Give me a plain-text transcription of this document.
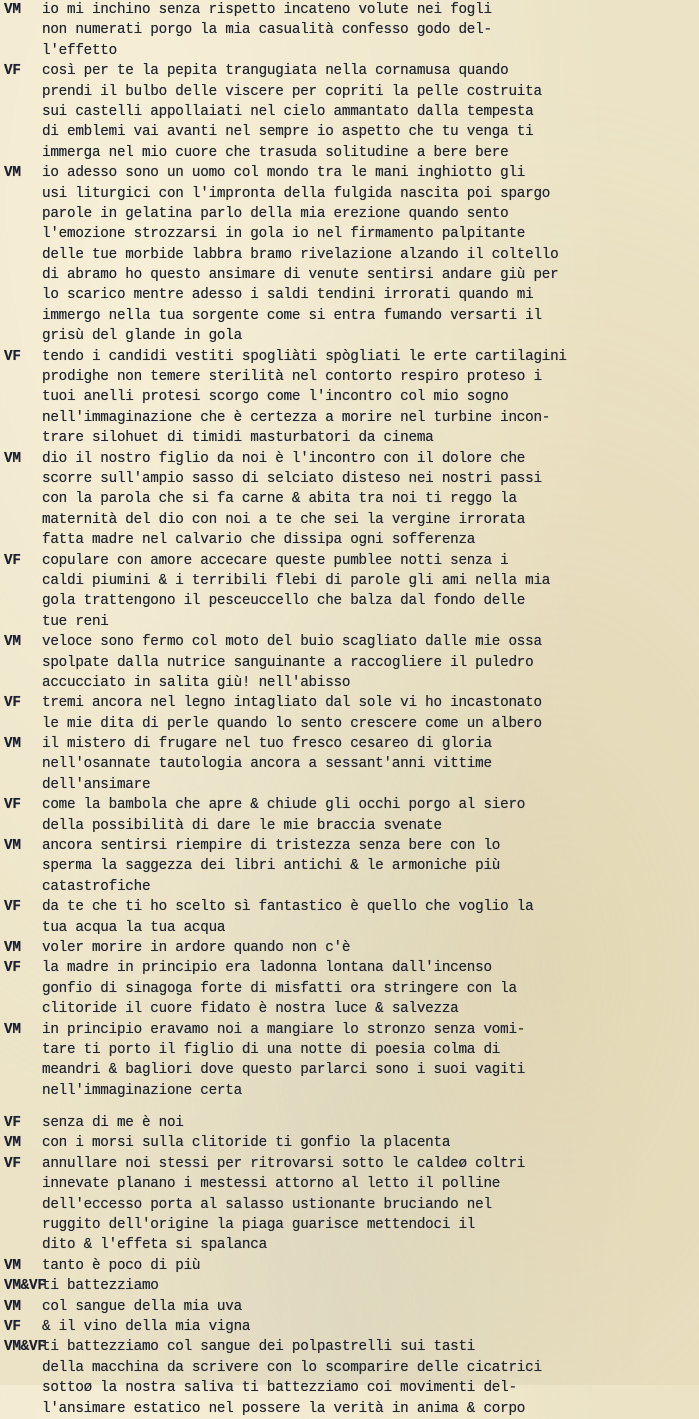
VM io mi inchino senza rispetto incateno volute nei fogli
non numerati porgo la mia casualità confesso godo del-
l'effetto
VF così per te la pepita trangugiata nella cornamusa quando
prendi il bulbo delle viscere per copriti la pelle costruita
sui castelli appollaiati nel cielo ammantato dalla tempesta
di emblemi vai avanti nel sempre io aspetto che tu venga ti
immerga nel mio cuore che trasuda solitudine a bere bere
VM io adesso sono un uomo col mondo tra le mani inghiotto gli
usi liturgici con l'impronta della fulgida nascita poi spargo
parole in gelatina parlo della mia erezione quando sento
l'emozione strozzarsi in gola io nel firmamento palpitante
delle tue morbide labbra bramo rivelazione alzando il coltello
di abramo ho questo ansimare di venute sentirsi andare giù per
lo scarico mentre adesso i saldi tendini irrorati quando mi
immergo nella tua sorgente come si entra fumando versarti il
grisù del glande in gola
VF tendo i candidi vestiti spogliàti spògliati le erte cartilagini
prodighe non temere sterilità nel contorto respiro proteso i
tuoi anelli protesi scorgo come l'incontro col mio sogno
nell'immaginazione che è certezza a morire nel turbine incon-
trare silohuet di timidi masturbatori da cinema
VM dio il nostro figlio da noi è l'incontro con il dolore che
scorre sull'ampio sasso di selciato disteso nei nostri passi
con la parola che si fa carne & abita tra noi ti reggo la
maternità del dio con noi a te che sei la vergine irrorata
fatta madre nel calvario che dissipa ogni sofferenza
VF copulare con amore accecare queste pumblee notti senza i
caldi piumini & i terribili flebi di parole gli ami nella mia
gola trattengono il pesceuccello che balza dal fondo delle
tue reni
VM veloce sono fermo col moto del buio scagliato dalle mie ossa
spolpate dalla nutrice sanguinante a raccogliere il puledro
accucciato in salita giù! nell'abisso
VF tremi ancora nel legno intagliato dal sole vi ho incastonato
le mie dita di perle quando lo sento crescere come un albero
VM il mistero di frugare nel tuo fresco cesareo di gloria
nell'osannate tautologia ancora a sessant'anni vittime
dell'ansimare
VF come la bambola che apre & chiude gli occhi porgo al siero
della possibilità di dare le mie braccia svenate
VM ancora sentirsi riempire di tristezza senza bere con lo
sperma la saggezza dei libri antichi & le armoniche più
catastrofiche
VF da te che ti ho scelto sì fantastico è quello che voglio la
tua acqua la tua acqua
VM voler morire in ardore quando non c'è
VF la madre in principio era ladonna lontana dall'incenso
gonfio di sinagoga forte di misfatti ora stringere con la
clitoride il cuore fidato è nostra luce & salvezza
VM in principio eravamo noi a mangiare lo stronzo senza vomi-
tare ti porto il figlio di una notte di poesia colma di
meandri & bagliori dove questo parlarci sono i suoi vagiti
nell'immaginazione certa
VF senza di me è noi
VM con i morsi sulla clitoride ti gonfio la placenta
VF annullare noi stessi per ritrovarsi sotto le caldeø coltri
innevate planano i mestessi attorno al letto il polline
dell'eccesso porta al salasso ustionante bruciando nel
ruggito dell'origine la piaga guarisce mettendoci il
dito & l'effeta si spalanca
VM tanto è poco di più
VM&VFti battezziamo
VM col sangue della mia uva
VF & il vino della mia vigna
VM&VFti battezziamo col sangue dei polpastrelli sui tasti
della macchina da scrivere con lo scomparire delle cicatrici
sottoø la nostra saliva ti battezziamo coi movimenti del-
l'ansimare estatico nel possere la verità in anima & corpo
